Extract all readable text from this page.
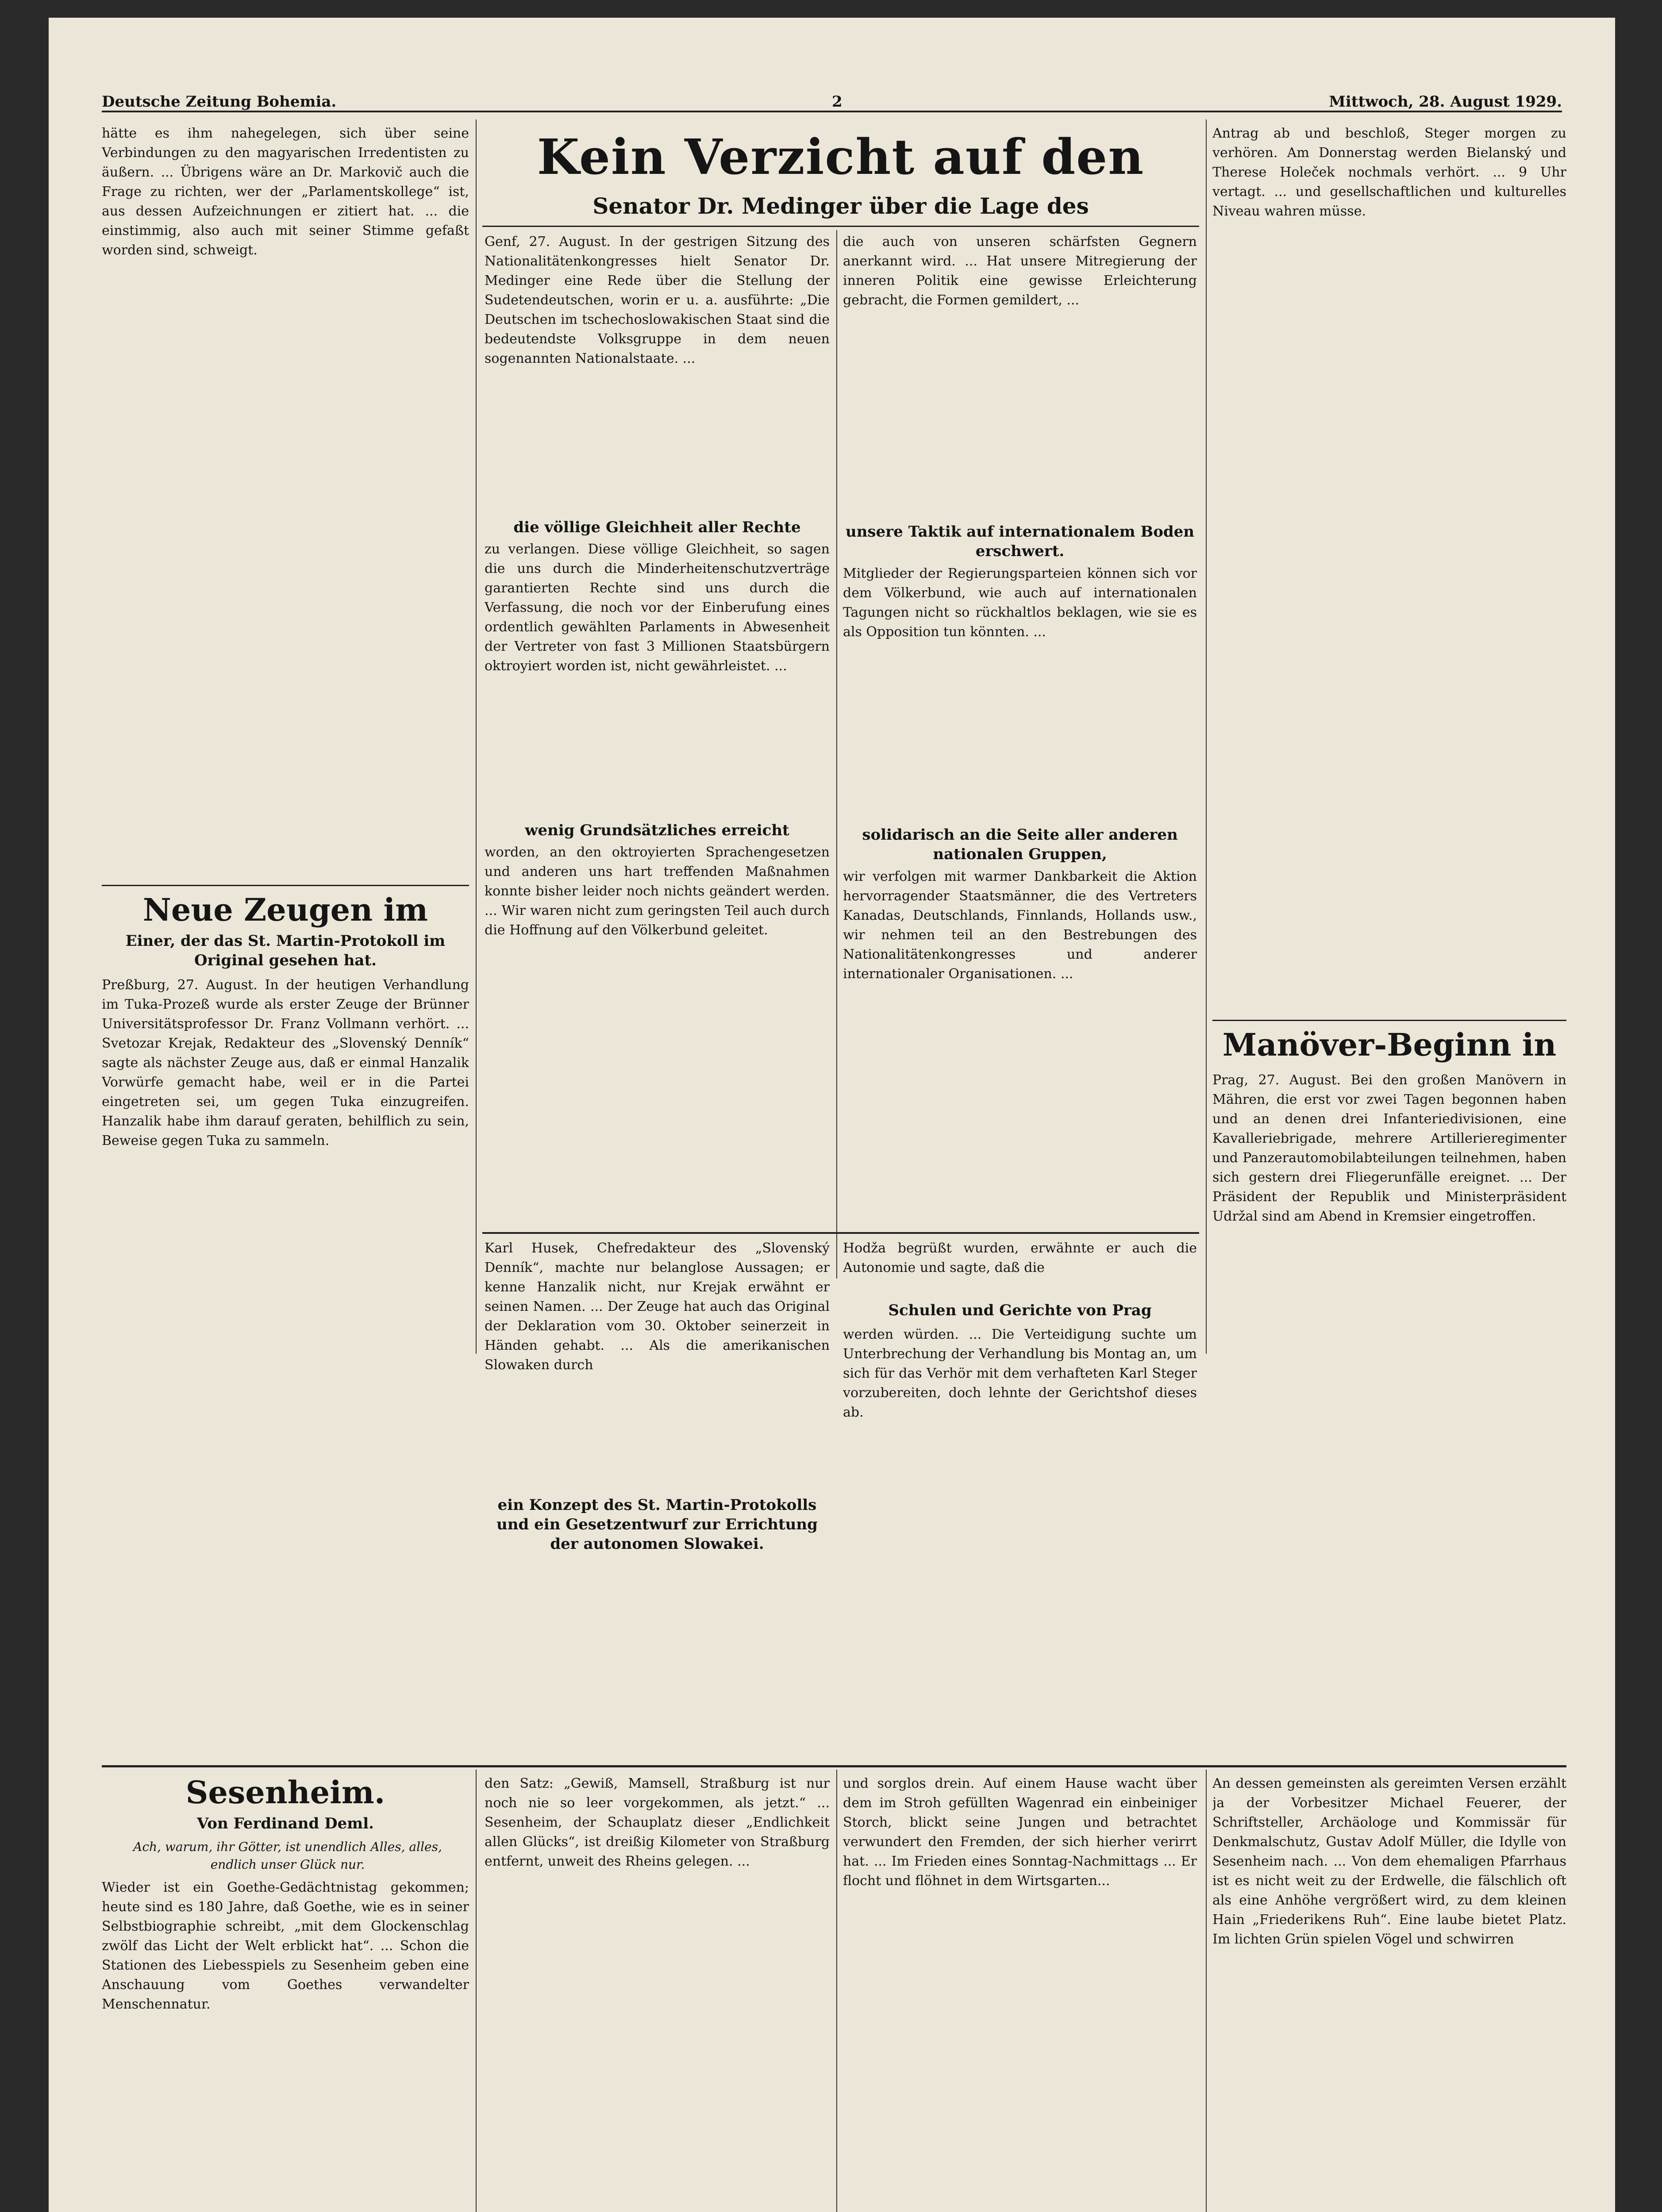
Deutsche Zeitung Bohemia.	2	Mittwoch, 28. August 1929.
hätte es ihm nahegelegen, sich über seine Verbindungen zu den magyarischen Irredentisten zu äußern. ... Übrigens wäre an Dr. Markovič auch die Frage zu richten, wer der „Parlamentskollege“ ist, aus dessen Aufzeichnungen er zitiert hat. ... die einstimmig, also auch mit seiner Stimme gefaßt worden sind, schweigt.
Neue Zeugen im
Einer, der das St. Martin-Protokoll im Original gesehen hat.
Preßburg, 27. August. In der heutigen Verhandlung im Tuka-Prozeß wurde als erster Zeuge der Brünner Universitätsprofessor Dr. Franz Vollmann verhört. ... Svetozar Krejak, Redakteur des „Slovenský Denník“ sagte als nächster Zeuge aus, daß er einmal Hanzalik Vorwürfe gemacht habe, weil er in die Partei eingetreten sei, um gegen Tuka einzugreifen. Hanzalik habe ihm darauf geraten, behilflich zu sein, Beweise gegen Tuka zu sammeln.
Kein Verzicht auf den
Senator Dr. Medinger über die Lage des
Genf, 27. August. In der gestrigen Sitzung des Nationalitätenkongresses hielt Senator Dr. Medinger eine Rede über die Stellung der Sudetendeutschen, worin er u. a. ausführte: „Die Deutschen im tschechoslowakischen Staat sind die bedeutendste Volksgruppe in dem neuen sogenannten Nationalstaate. ...
die völlige Gleichheit aller Rechte
zu verlangen. Diese völlige Gleichheit, so sagen die uns durch die Minderheitenschutzverträge garantierten Rechte sind uns durch die Verfassung, die noch vor der Einberufung eines ordentlich gewählten Parlaments in Abwesenheit der Vertreter von fast 3 Millionen Staatsbürgern oktroyiert worden ist, nicht gewährleistet. ...
wenig Grundsätzliches erreicht
worden, an den oktroyierten Sprachengesetzen und anderen uns hart treffenden Maßnahmen konnte bisher leider noch nichts geändert werden. ... Wir waren nicht zum geringsten Teil auch durch die Hoffnung auf den Völkerbund geleitet.
die auch von unseren schärfsten Gegnern anerkannt wird. ... Hat unsere Mitregierung der inneren Politik eine gewisse Erleichterung gebracht, die Formen gemildert, ...
unsere Taktik auf internationalem Boden erschwert.
Mitglieder der Regierungsparteien können sich vor dem Völkerbund, wie auch auf internationalen Tagungen nicht so rückhaltlos beklagen, wie sie es als Opposition tun könnten. ...
solidarisch an die Seite aller anderen nationalen Gruppen,
wir verfolgen mit warmer Dankbarkeit die Aktion hervorragender Staatsmänner, die des Vertreters Kanadas, Deutschlands, Finnlands, Hollands usw., wir nehmen teil an den Bestrebungen des Nationalitätenkongresses und anderer internationaler Organisationen. ...
Antrag ab und beschloß, Steger morgen zu verhören. Am Donnerstag werden Bielanský und Therese Holeček nochmals verhört. ... 9 Uhr vertagt. ... und gesellschaftlichen und kulturelles Niveau wahren müsse.
Karl Husek, Chefredakteur des „Slovenský Denník“, machte nur belanglose Aussagen; er kenne Hanzalik nicht, nur Krejak erwähnt er seinen Namen. ... Der Zeuge hat auch das Original der Deklaration vom 30. Oktober seinerzeit in Händen gehabt. ... Als die amerikanischen Slowaken durch
ein Konzept des St. Martin-Protokolls und ein Gesetzentwurf zur Errichtung der autonomen Slowakei.
Hodža begrüßt wurden, erwähnte er auch die Autonomie und sagte, daß die
Schulen und Gerichte von Prag
werden würden. ... Die Verteidigung suchte um Unterbrechung der Verhandlung bis Montag an, um sich für das Verhör mit dem verhafteten Karl Steger vorzubereiten, doch lehnte der Gerichtshof dieses ab.
Manöver-Beginn in
Prag, 27. August. Bei den großen Manövern in Mähren, die erst vor zwei Tagen begonnen haben und an denen drei Infanteriedivisionen, eine Kavalleriebrigade, mehrere Artillerieregimenter und Panzerautomobilabteilungen teilnehmen, haben sich gestern drei Fliegerunfälle ereignet. ... Der Präsident der Republik und Ministerpräsident Udržal sind am Abend in Kremsier eingetroffen.
Sesenheim.
Von Ferdinand Deml.
Ach, warum, ihr Götter, ist unendlich Alles, alles, endlich unser Glück nur.
Wieder ist ein Goethe-Gedächtnistag gekommen; heute sind es 180 Jahre, daß Goethe, wie es in seiner Selbstbiographie schreibt, „mit dem Glockenschlag zwölf das Licht der Welt erblickt hat“. ... Schon die Stationen des Liebesspiels zu Sesenheim geben eine Anschauung vom Goethes verwandelter Menschennatur.
den Satz: „Gewiß, Mamsell, Straßburg ist nur noch nie so leer vorgekommen, als jetzt.“ ... Sesenheim, der Schauplatz dieser „Endlichkeit allen Glücks“, ist dreißig Kilometer von Straßburg entfernt, unweit des Rheins gelegen. ...
und sorglos drein. Auf einem Hause wacht über dem im Stroh gefüllten Wagenrad ein einbeiniger Storch, blickt seine Jungen und betrachtet verwundert den Fremden, der sich hierher verirrt hat. ... Im Frieden eines Sonntag-Nachmittags ... Er flocht und flöhnet in dem Wirtsgarten...
An dessen gemeinsten als gereimten Versen erzählt ja der Vorbesitzer Michael Feuerer, der Schriftsteller, Archäologe und Kommissär für Denkmalschutz, Gustav Adolf Müller, die Idylle von Sesenheim nach. ... Von dem ehemaligen Pfarrhaus ist es nicht weit zu der Erdwelle, die fälschlich oft als eine Anhöhe vergrößert wird, zu dem kleinen Hain „Friederikens Ruh“. Eine laube bietet Platz. Im lichten Grün spielen Vögel und schwirren
